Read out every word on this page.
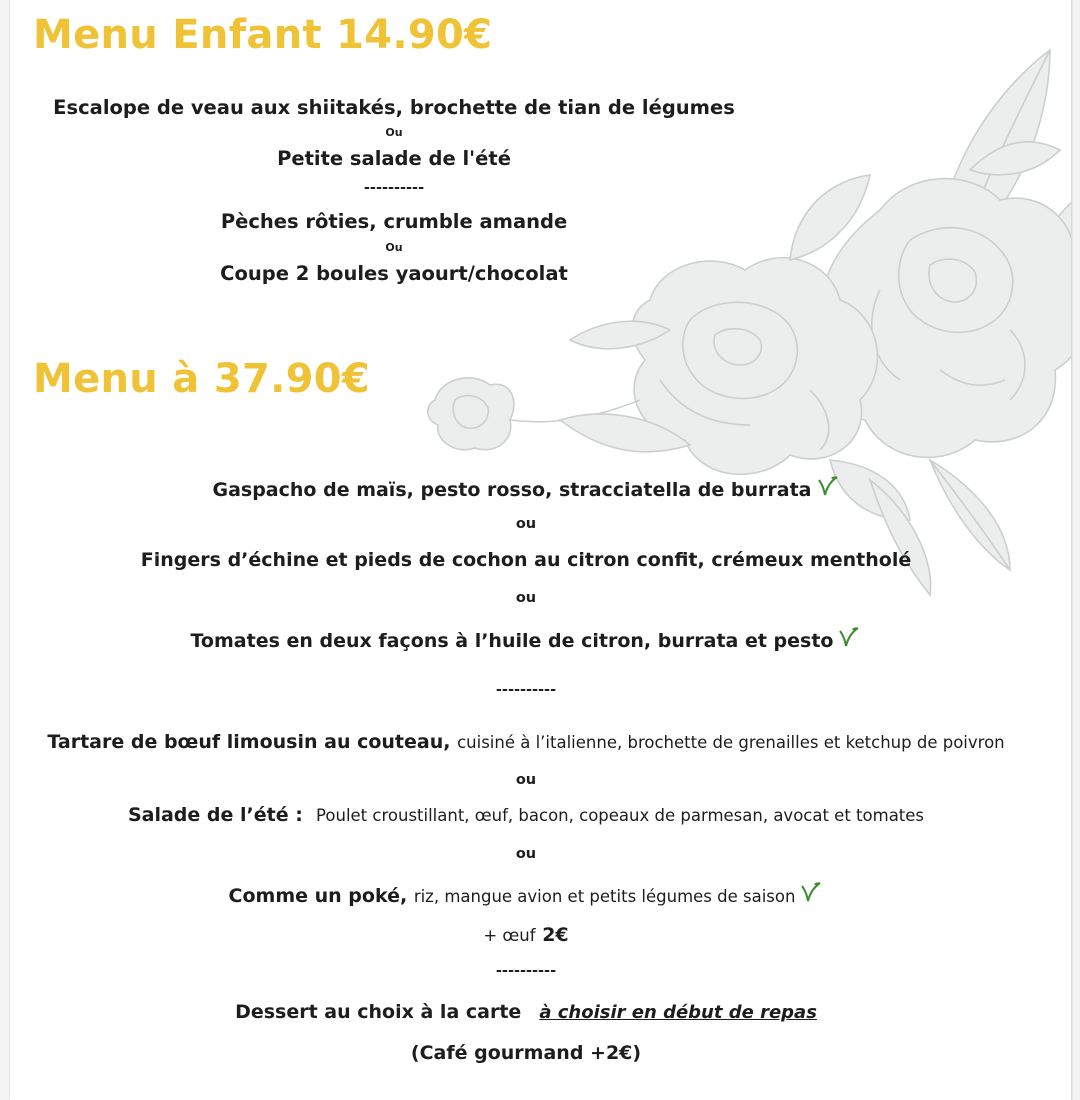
Menu Enfant 14.90€
Escalope de veau aux shiitakés, brochette de tian de légumes
Ou
Petite salade de l'été
----------
Pèches rôties, crumble amande
Ou
Coupe 2 boules yaourt/chocolat
Menu à 37.90€
Gaspacho de maïs, pesto rosso, stracciatella de burrata
ou
Fingers d’échine et pieds de cochon au citron confit, crémeux mentholé
ou
Tomates en deux façons à l’huile de citron, burrata et pesto
----------
Tartare de bœuf limousin au couteau, cuisiné à l’italienne, brochette de grenailles et ketchup de poivron
ou
Salade de l’été : Poulet croustillant, œuf, bacon, copeaux de parmesan, avocat et tomates
ou
Comme un poké, riz, mangue avion et petits légumes de saison
+ œuf 2€
----------
Dessert au choix à la carte à choisir en début de repas
(Café gourmand +2€)
